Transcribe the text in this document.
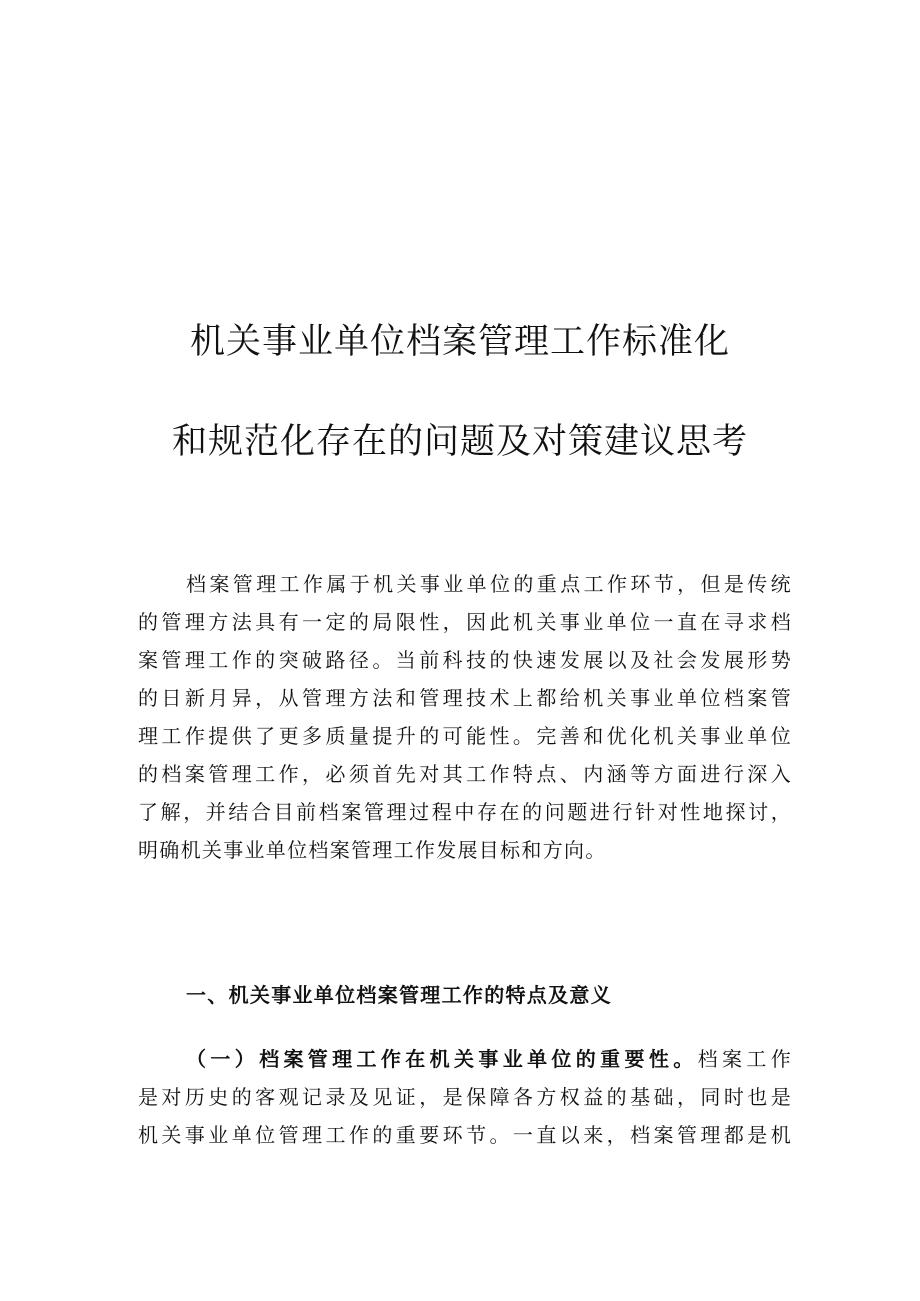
机关事业单位档案管理工作标准化
和规范化存在的问题及对策建议思考
档案管理工作属于机关事业单位的重点工作环节，但是传统
的管理方法具有一定的局限性，因此机关事业单位一直在寻求档
案管理工作的突破路径。当前科技的快速发展以及社会发展形势
的日新月异，从管理方法和管理技术上都给机关事业单位档案管
理工作提供了更多质量提升的可能性。完善和优化机关事业单位
的档案管理工作，必须首先对其工作特点、内涵等方面进行深入
了解，并结合目前档案管理过程中存在的问题进行针对性地探讨，
明确机关事业单位档案管理工作发展目标和方向。
一、机关事业单位档案管理工作的特点及意义
（一）档案管理工作在机关事业单位的重要性。档案工作
是对历史的客观记录及见证，是保障各方权益的基础，同时也是
机关事业单位管理工作的重要环节。一直以来，档案管理都是机
